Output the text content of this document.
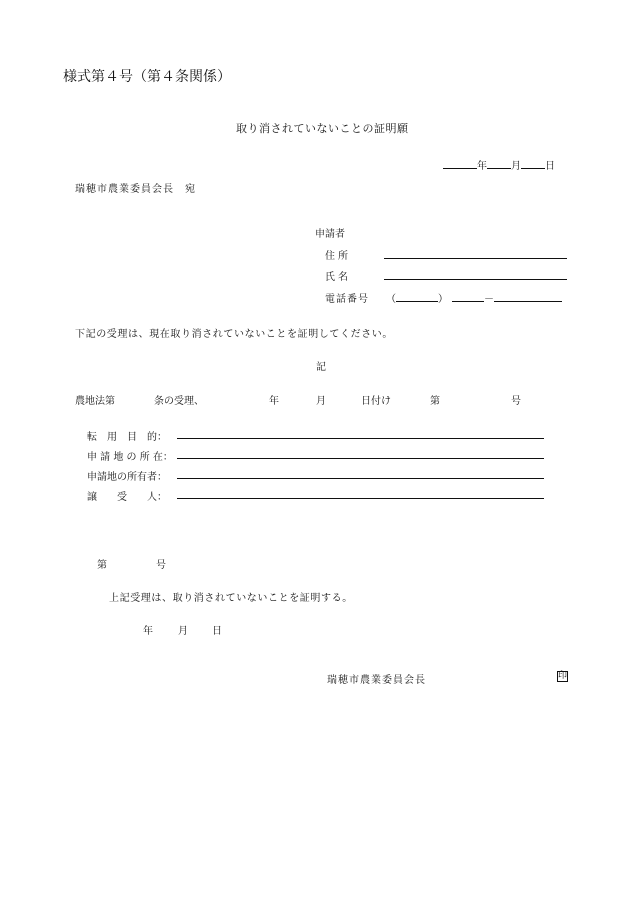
様式第４号（第４条関係）
取り消されていないことの証明願
年 月 日
瑞穂市農業委員会長　宛
申請者
住所
氏名
電話番号 （	）	－
下記の受理は、現在取り消されていないことを証明してください。
記
農地法第	条の受理、	年	月	日付け	第	号
転　用　目　的：
申 請 地 の 所 在：
申請地の所有者：
譲　　受　　人：
第	号
上記受理は、取り消されていないことを証明する。
年	月 日
瑞穂市農業委員会長	印
